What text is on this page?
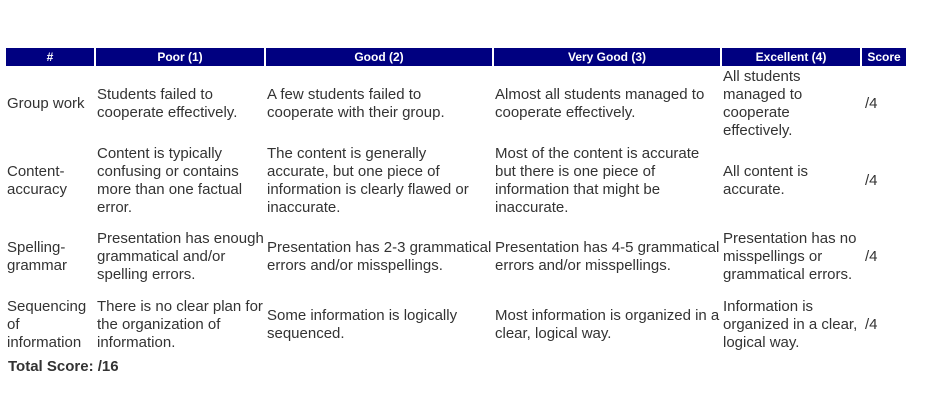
#	Poor (1)	Good (2)	Very Good (3)	Excellent (4)	Score
Group work	Students failed to cooperate effectively.	A few students failed to cooperate with their group.	Almost all students managed to cooperate effectively.	All students managed to cooperate effectively.	/4
Content-accuracy	Content is typically confusing or contains more than one factual error.	The content is generally accurate, but one piece of information is clearly flawed or inaccurate.	Most of the content is accurate but there is one piece of information that might be inaccurate.	All content is accurate.	/4
Spelling-grammar	Presentation has enough grammatical and/or spelling errors.	Presentation has 2-3 grammatical errors and/or misspellings.	Presentation has 4-5 grammatical errors and/or misspellings.	Presentation has no misspellings or grammatical errors.	/4
Sequencing of information	There is no clear plan for the organization of information.	Some information is logically sequenced.	Most information is organized in a clear, logical way.	Information is organized in a clear, logical way.	/4
Total Score: /16
